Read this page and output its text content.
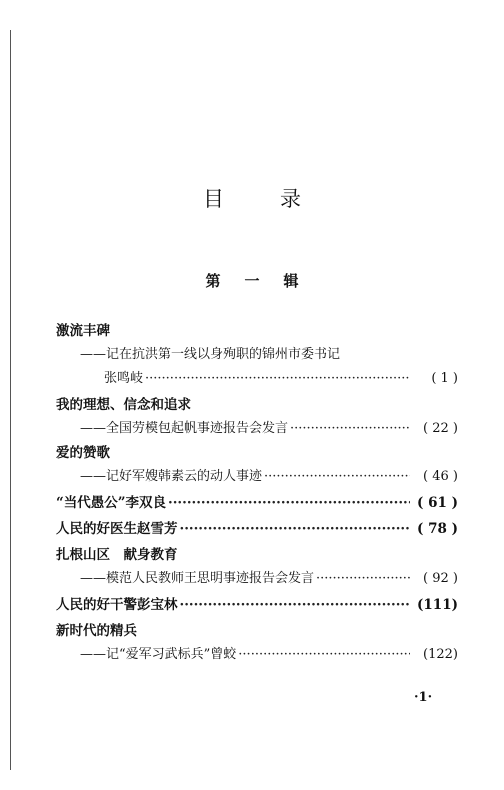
目录
第一辑
激流丰碑
——记在抗洪第一线以身殉职的锦州市委书记
张鸣岐 ·····	( 1 )
我的理想、信念和追求
——全国劳模包起帆事迹报告会发言 ·····	( 22 )
爱的赞歌
——记好军嫂韩素云的动人事迹 ·····	( 46 )
“当代愚公”李双良 ·····	( 61 )
人民的好医生赵雪芳 ·····	( 78 )
扎根山区　献身教育
——模范人民教师王思明事迹报告会发言 ·····	( 92 )
人民的好干警彭宝林 ·····	(111)
新时代的精兵
——记“爱军习武标兵”曾蛟 ·····	(122)
·1·
